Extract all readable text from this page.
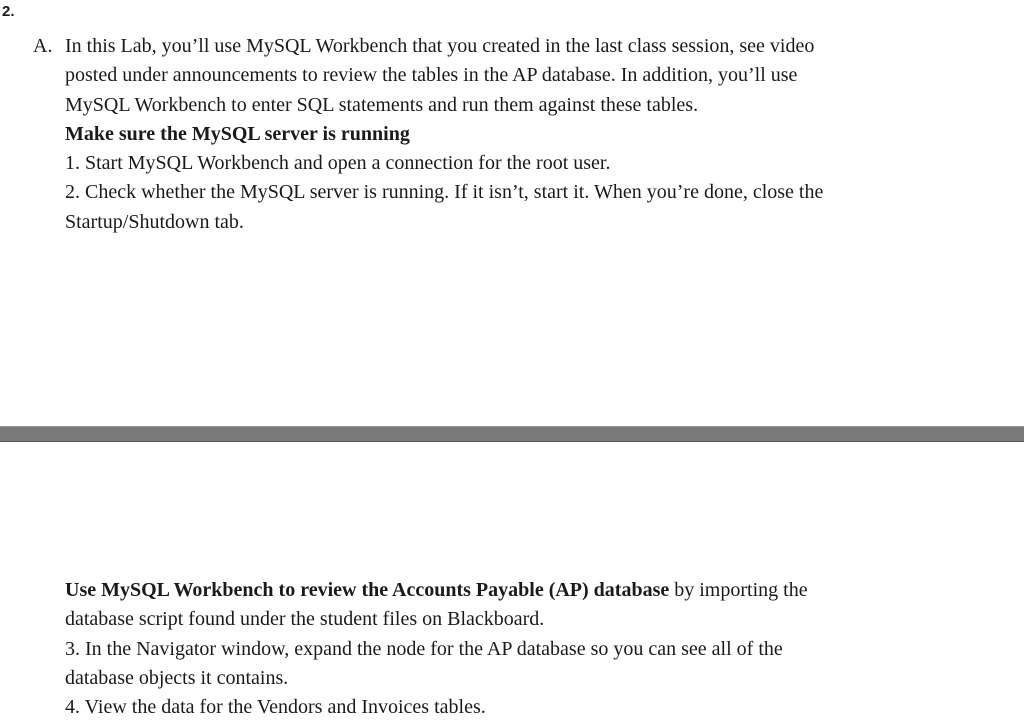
2.
A. In this Lab, you’ll use MySQL Workbench that you created in the last class session, see video

posted under announcements to review the tables in the AP database. In addition, you’ll use

MySQL Workbench to enter SQL statements and run them against these tables.

Make sure the MySQL server is running

1. Start MySQL Workbench and open a connection for the root user.

2. Check whether the MySQL server is running. If it isn’t, start it. When you’re done, close the

Startup/Shutdown tab.

Use MySQL Workbench to review the Accounts Payable (AP) database by importing the

database script found under the student files on Blackboard.

3. In the Navigator window, expand the node for the AP database so you can see all of the

database objects it contains.

4. View the data for the Vendors and Invoices tables.
